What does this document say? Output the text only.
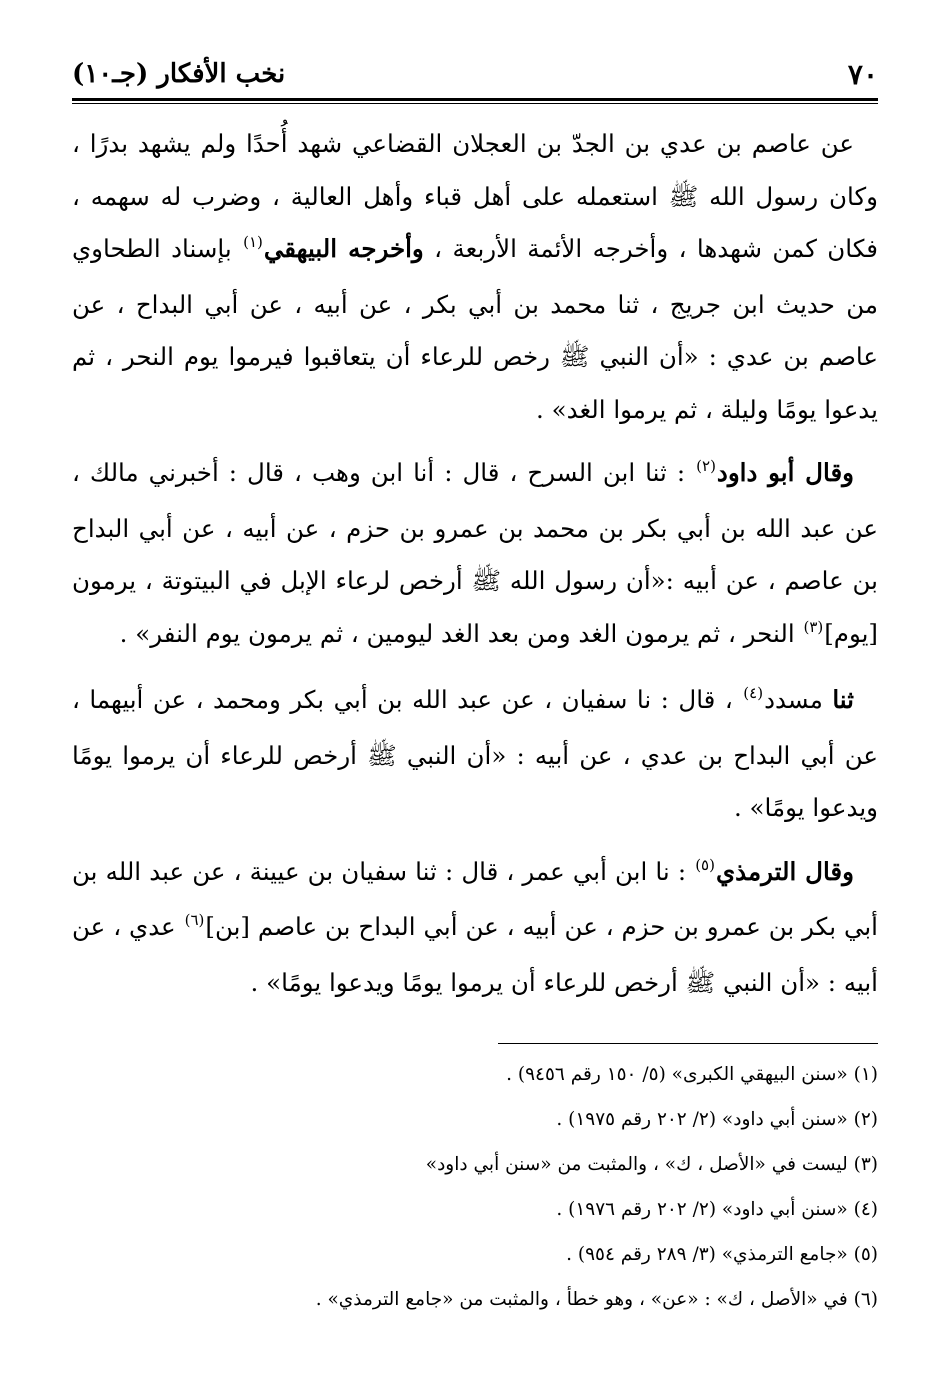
٧٠
نخب الأفكار (جـ١٠)

عن عاصم بن عدي بن الجدّ بن العجلان القضاعي شهد أُحدًا ولم يشهد بدرًا ، وكان رسول الله ﷺ استعمله على أهل قباء وأهل العالية ، وضرب له سهمه ، فكان كمن شهدها ، وأخرجه الأئمة الأربعة ، وأخرجه البيهقي$^{(١)}$ بإسناد الطحاوي من حديث ابن جريج ، ثنا محمد بن أبي بكر ، عن أبيه ، عن أبي البداح ، عن عاصم بن عدي : «أن النبي ﷺ رخص للرعاء أن يتعاقبوا فيرموا يوم النحر ، ثم يدعوا يومًا وليلة ، ثم يرموا الغد» .

وقال أبو داود$^{(٢)}$ : ثنا ابن السرح ، قال : أنا ابن وهب ، قال : أخبرني مالك ، عن عبد الله بن أبي بكر بن محمد بن عمرو بن حزم ، عن أبيه ، عن أبي البداح بن عاصم ، عن أبيه :«أن رسول الله ﷺ أرخص لرعاء الإبل في البيتوتة ، يرمون [يوم]$^{(٣)}$ النحر ، ثم يرمون الغد ومن بعد الغد ليومين ، ثم يرمون يوم النفر» .

ثنا مسدد$^{(٤)}$ ، قال : نا سفيان ، عن عبد الله بن أبي بكر ومحمد ، عن أبيهما ، عن أبي البداح بن عدي ، عن أبيه : «أن النبي ﷺ أرخص للرعاء أن يرموا يومًا ويدعوا يومًا» .

وقال الترمذي$^{(٥)}$ : نا ابن أبي عمر ، قال : ثنا سفيان بن عيينة ، عن عبد الله بن أبي بكر بن عمرو بن حزم ، عن أبيه ، عن أبي البداح بن عاصم [بن]$^{(٦)}$ عدي ، عن أبيه : «أن النبي ﷺ أرخص للرعاء أن يرموا يومًا ويدعوا يومًا» .

(١) «سنن البيهقي الكبرى» (٥/ ١٥٠ رقم ٩٤٥٦) .
(٢) «سنن أبي داود» (٢/ ٢٠٢ رقم ١٩٧٥) .
(٣) ليست في «الأصل ، ك» ، والمثبت من «سنن أبي داود»
(٤) «سنن أبي داود» (٢/ ٢٠٢ رقم ١٩٧٦) .
(٥) «جامع الترمذي» (٣/ ٢٨٩ رقم ٩٥٤) .
(٦) في «الأصل ، ك» : «عن» ، وهو خطأ ، والمثبت من «جامع الترمذي» .
